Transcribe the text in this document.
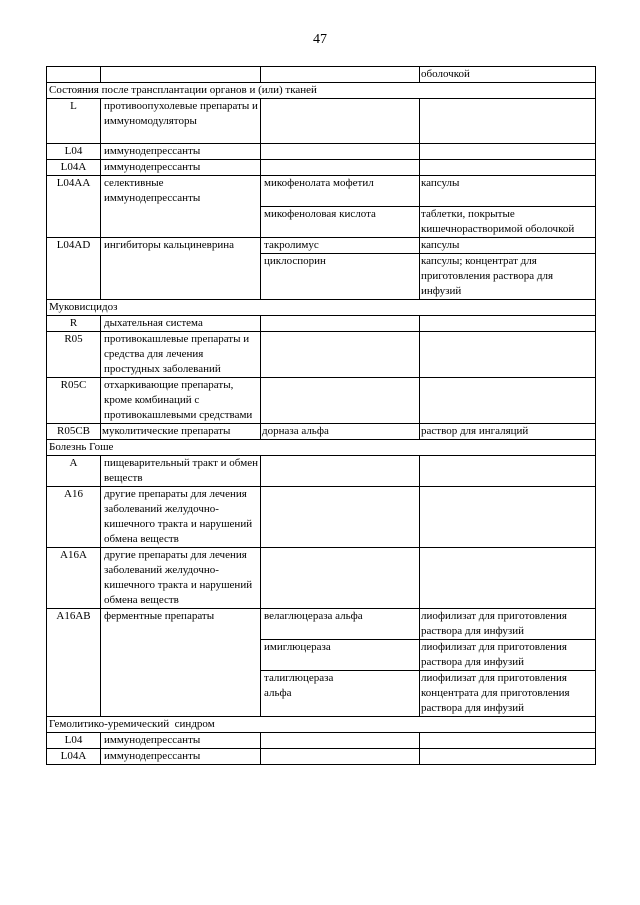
47
			оболочкой
Состояния после трансплантации органов и (или) тканей			
L	противоопухолевые препараты и иммуномодуляторы		
L04	иммунодепрессанты		
L04A	иммунодепрессанты		
L04AA	селективные иммунодепрессанты	микофенолата мофетил	капсулы
		микофеноловая кислота	таблетки, покрытые кишечнорастворимой оболочкой
L04AD	ингибиторы кальциневрина	такролимус	капсулы
		циклоспорин	капсулы; концентрат для приготовления раствора для инфузий
Муковисцидоз			
R	дыхательная система		
R05	противокашлевые препараты и средства для лечения простудных заболеваний		
R05C	отхаркивающие препараты, кроме комбинаций с противокашлевыми средствами		
R05CB	муколитические препараты	дорназа альфа	раствор для ингаляций
Болезнь Гоше			
A	пищеварительный тракт и обмен веществ		
A16	другие препараты для лечения заболеваний желудочно-кишечного тракта и нарушений обмена веществ		
A16A	другие препараты для лечения заболеваний желудочно-кишечного тракта и нарушений обмена веществ		
A16AB	ферментные препараты	велаглюцераза альфа	лиофилизат для приготовления раствора для инфузий
		имиглюцераза	лиофилизат для приготовления раствора для инфузий
		талиглюцераза альфа	лиофилизат для приготовления концентрата для приготовления раствора для инфузий
Гемолитико-уремический  синдром			
L04	иммунодепрессанты		
L04A	иммунодепрессанты		
